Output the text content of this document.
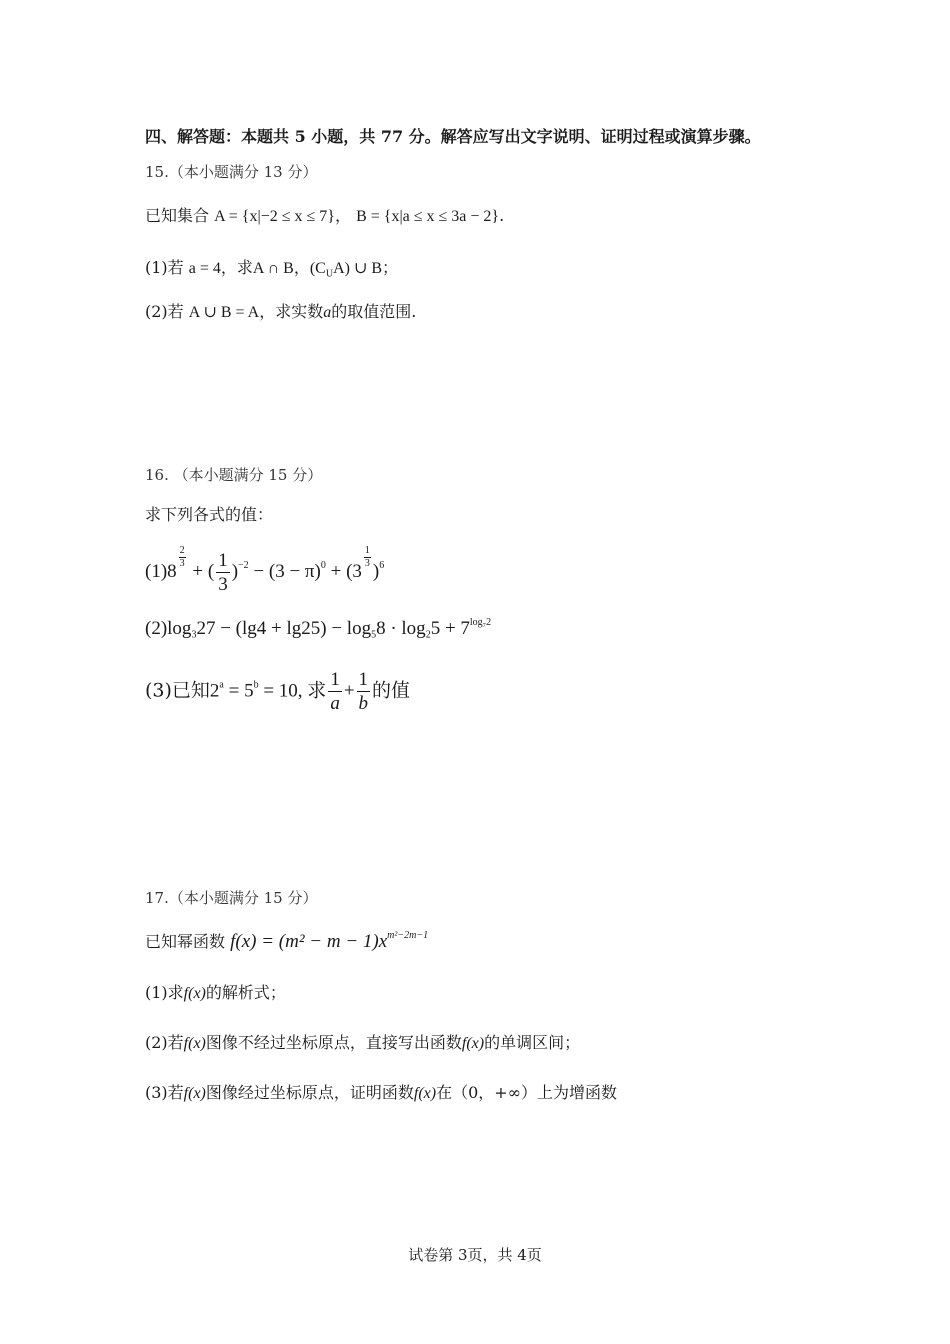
四、解答题：本题共 5 小题，共 77 分。解答应写出文字说明、证明过程或演算步骤。
15.（本小题满分 13 分）
已知集合 A = {x|−2 ≤ x ≤ 7}， B = {x|a ≤ x ≤ 3a − 2}.
(1)若 a = 4，求A ∩ B，$(C_UA)$ ∪ B；
(2)若 A ∪ B = A，求实数a的取值范围.
16. （本小题满分 15 分）
求下列各式的值：
(1)8
$\frac{2}{3}$
+ ( $\frac{1}{3} )^{-2} - (3 - \pi)^0 + (3$
$\frac{1}{3}$
)$^6$
$(2)\log_327 - (\lg 4 + \lg 25) - \log_58 \cdot \log_25 + 7^{log_72}$
(3)已知$2^a = 5^b = 10$, 求 $\frac{1}{a} + \frac{1}{b}$ 的值
17.（本小题满分 15 分）
已知幂函数 $f(x) = (m^2 - m - 1)x^{m^2-2m-1}$
(1)求f(x)的解析式；
(2)若f(x)图像不经过坐标原点，直接写出函数f(x)的单调区间；
(3)若f(x)图像经过坐标原点，证明函数f(x)在（0，+∞）上为增函数
试卷第 3页，共 4页
